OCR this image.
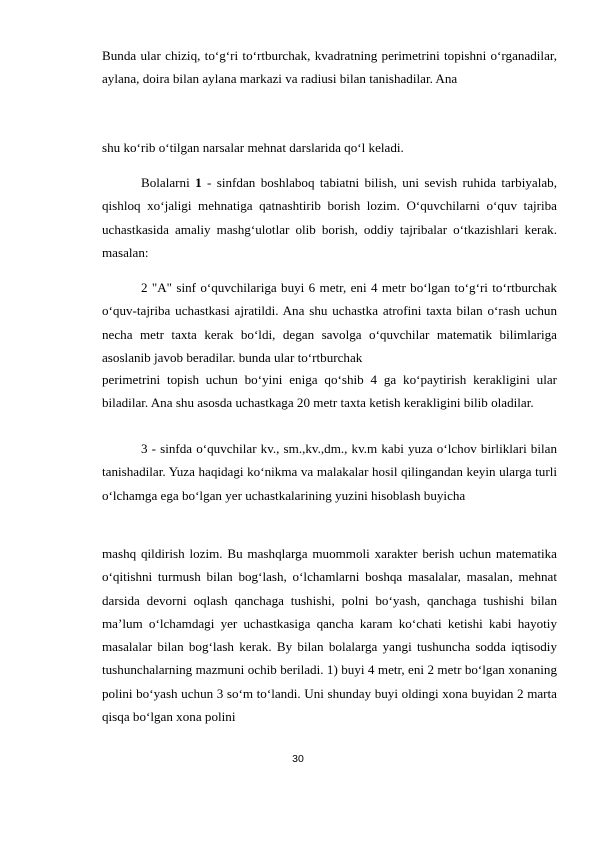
Bunda ular chiziq, to‘g‘ri to‘rtburchak, kvadratning perimetrini topishni o‘rganadilar, aylana, doira bilan aylana markazi va radiusi bilan tanishadilar. Ana

shu ko‘rib o‘tilgan narsalar mehnat darslarida qo‘l keladi.

Bolalarni 1 - sinfdan boshlaboq tabiatni bilish, uni sevish ruhida tarbiyalab, qishloq xo‘jaligi mehnatiga qatnashtirib borish lozim. O‘quvchilarni o‘quv tajriba uchastkasida amaliy mashg‘ulotlar olib borish, oddiy tajribalar o‘tkazishlari kerak. masalan:

2 "A" sinf o‘quvchilariga buyi 6 metr, eni 4 metr bo‘lgan to‘g‘ri to‘rtburchak o‘quv-tajriba uchastkasi ajratildi. Ana shu uchastka atrofini taxta bilan o‘rash uchun necha metr taxta kerak bo‘ldi, degan savolga o‘quvchilar matematik bilimlariga asoslanib javob beradilar. bunda ular to‘rtburchak

perimetrini topish uchun bo‘yini eniga qo‘shib 4 ga ko‘paytirish kerakligini ular biladilar. Ana shu asosda uchastkaga 20 metr taxta ketish kerakligini bilib oladilar.

3 - sinfda o‘quvchilar kv., sm.,kv.,dm., kv.m kabi yuza o‘lchov birliklari bilan tanishadilar. Yuza haqidagi ko‘nikma va malakalar hosil qilingandan keyin ularga turli o‘lchamga ega bo‘lgan yer uchastkalarining yuzini hisoblash buyicha

mashq qildirish lozim. Bu mashqlarga muommoli xarakter berish uchun matematika o‘qitishni turmush bilan bog‘lash, o‘lchamlarni boshqa masalalar, masalan, mehnat darsida devorni oqlash qanchaga tushishi, polni bo‘yash, qanchaga tushishi bilan ma’lum o‘lchamdagi yer uchastkasiga qancha karam ko‘chati ketishi kabi hayotiy masalalar bilan bog‘lash kerak. By bilan bolalarga yangi tushuncha sodda iqtisodiy tushunchalarning mazmuni ochib beriladi. 1) buyi 4 metr, eni 2 metr bo‘lgan xonaning polini bo‘yash uchun 3 so‘m to‘landi. Uni shunday buyi oldingi xona buyidan 2 marta qisqa bo‘lgan xona polini

30
